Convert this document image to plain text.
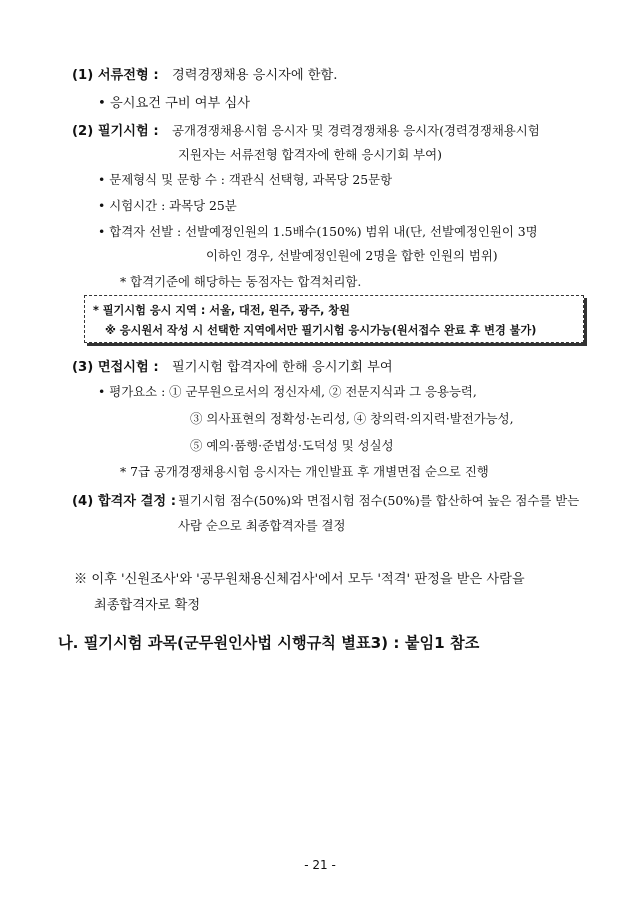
(1) 서류전형 : 경력경쟁채용 응시자에 한함.
• 응시요건 구비 여부 심사
(2) 필기시험 : 공개경쟁채용시험 응시자 및 경력경쟁채용 응시자(경력경쟁채용시험
지원자는 서류전형 합격자에 한해 응시기회 부여)
• 문제형식 및 문항 수 : 객관식 선택형, 과목당 25문항
• 시험시간 : 과목당 25분
• 합격자 선발 : 선발예정인원의 1.5배수(150%) 범위 내(단, 선발예정인원이 3명
이하인 경우, 선발예정인원에 2명을 합한 인원의 범위)
* 합격기준에 해당하는 동점자는 합격처리함.
* 필기시험 응시 지역 : 서울, 대전, 원주, 광주, 창원
※ 응시원서 작성 시 선택한 지역에서만 필기시험 응시가능(원서접수 완료 후 변경 불가)
(3) 면접시험 : 필기시험 합격자에 한해 응시기회 부여
• 평가요소 : ① 군무원으로서의 정신자세, ② 전문지식과 그 응용능력,
③ 의사표현의 정확성·논리성, ④ 창의력·의지력·발전가능성,
⑤ 예의·품행·준법성·도덕성 및 성실성
* 7급 공개경쟁채용시험 응시자는 개인발표 후 개별면접 순으로 진행
(4) 합격자 결정 : 필기시험 점수(50%)와 면접시험 점수(50%)를 합산하여 높은 점수를 받는
사람 순으로 최종합격자를 결정
※ 이후 '신원조사'와 '공무원채용신체검사'에서 모두 '적격' 판정을 받은 사람을
최종합격자로 확정
나. 필기시험 과목(군무원인사법 시행규칙 별표3) : 붙임1 참조
- 21 -
